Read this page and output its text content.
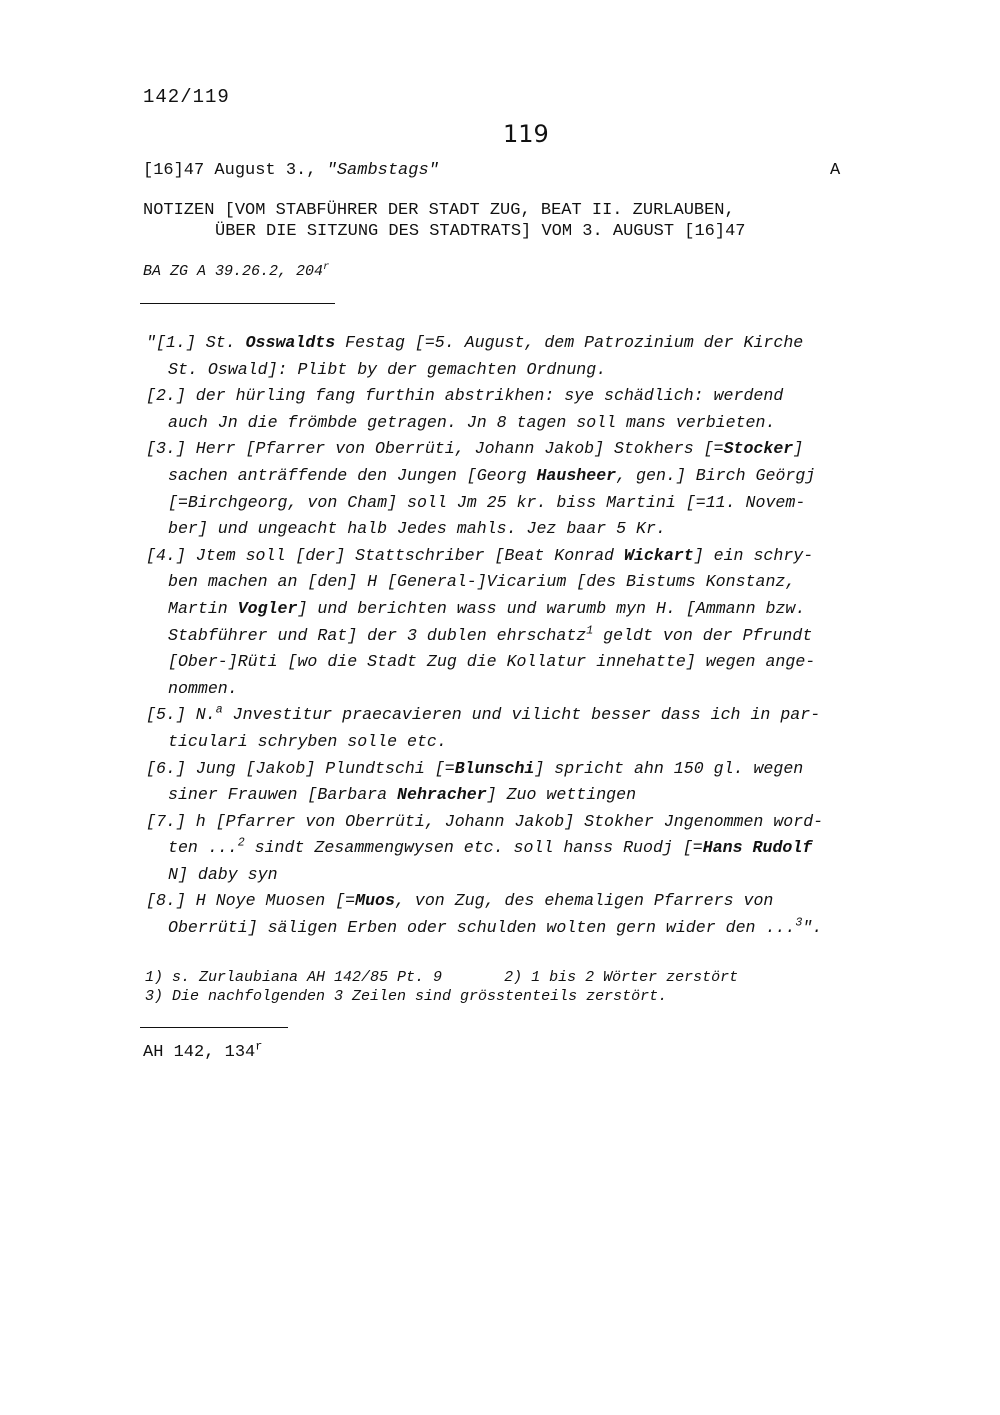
142/119
119
[16]47 August 3., "Sambstags"	A
NOTIZEN [VOM STABFÜHRER DER STADT ZUG, BEAT II. ZURLAUBEN,
ÜBER DIE SITZUNG DES STADTRATS] VOM 3. AUGUST [16]47
BA ZG A 39.26.2, 204$^r$
"[1.] St. Osswaldts Festag [=5. August, dem Patrozinium der Kirche
St. Oswald]: Plibt by der gemachten Ordnung.
[2.] der hürling fang furthin abstrikhen: sye schädlich: werdend
auch Jn die frömbde getragen. Jn 8 tagen soll mans verbieten.
[3.] Herr [Pfarrer von Oberrüti, Johann Jakob] Stokhers [=Stocker]
sachen anträffende den Jungen [Georg Hausheer, gen.] Birch Geörgj
[=Birchgeorg, von Cham] soll Jm 25 kr. biss Martini [=11. Novem-
ber] und ungeacht halb Jedes mahls. Jez baar 5 Kr.
[4.] Jtem soll [der] Stattschriber [Beat Konrad Wickart] ein schry-
ben machen an [den] H [General-]Vicarium [des Bistums Konstanz,
Martin Vogler] und berichten wass und warumb myn H. [Ammann bzw.
Stabführer und Rat] der 3 dublen ehrschatz$^1$ geldt von der Pfrundt
[Ober-]Rüti [wo die Stadt Zug die Kollatur innehatte] wegen ange-
nommen.
[5.] N.$^a$ Jnvestitur praecavieren und vilicht besser dass ich in par-
ticulari schryben solle etc.
[6.] Jung [Jakob] Plundtschi [=Blunschi] spricht ahn 150 gl. wegen
siner Frauwen [Barbara Nehracher] Zuo wettingen
[7.] h [Pfarrer von Oberrüti, Johann Jakob] Stokher Jngenommen word-
ten ...$^2$ sindt Zesammengwysen etc. soll hanss Ruodj [=Hans Rudolf
N] daby syn
[8.] H Noye Muosen [=Muos, von Zug, des ehemaligen Pfarrers von
Oberrüti] säligen Erben oder schulden wolten gern wider den ...$^3$".
1) s. Zurlaubiana AH 142/85 Pt. 9	2) 1 bis 2 Wörter zerstört
3) Die nachfolgenden 3 Zeilen sind grösstenteils zerstört.
AH 142, 134$^r$
